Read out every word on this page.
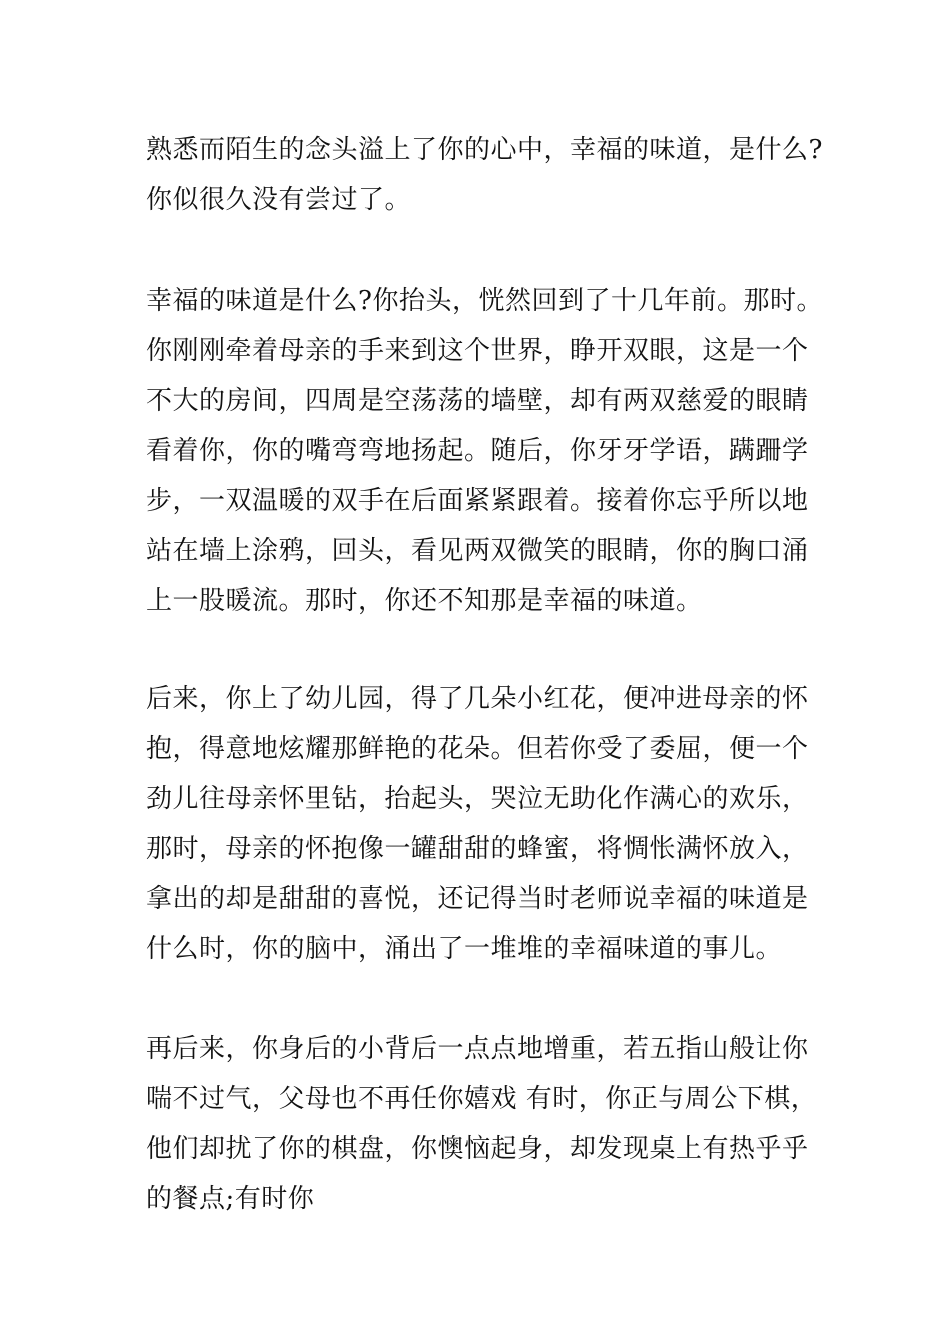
熟悉而陌生的念头溢上了你的心中，幸福的味道，是什么?
你似很久没有尝过了。
幸福的味道是什么?你抬头，恍然回到了十几年前。那时。
你刚刚牵着母亲的手来到这个世界，睁开双眼，这是一个
不大的房间，四周是空荡荡的墙壁，却有两双慈爱的眼睛
看着你，你的嘴弯弯地扬起。随后，你牙牙学语，蹒跚学
步，一双温暖的双手在后面紧紧跟着。接着你忘乎所以地
站在墙上涂鸦，回头，看见两双微笑的眼睛，你的胸口涌
上一股暖流。那时，你还不知那是幸福的味道。
后来，你上了幼儿园，得了几朵小红花，便冲进母亲的怀
抱，得意地炫耀那鲜艳的花朵。但若你受了委屈，便一个
劲儿往母亲怀里钻，抬起头，哭泣无助化作满心的欢乐，
那时，母亲的怀抱像一罐甜甜的蜂蜜，将惆怅满怀放入，
拿出的却是甜甜的喜悦，还记得当时老师说幸福的味道是
什么时，你的脑中，涌出了一堆堆的幸福味道的事儿。
再后来，你身后的小背后一点点地增重，若五指山般让你
喘不过气，父母也不再任你嬉戏 有时，你正与周公下棋，
他们却扰了你的棋盘，你懊恼起身，却发现桌上有热乎乎
的餐点;有时你
